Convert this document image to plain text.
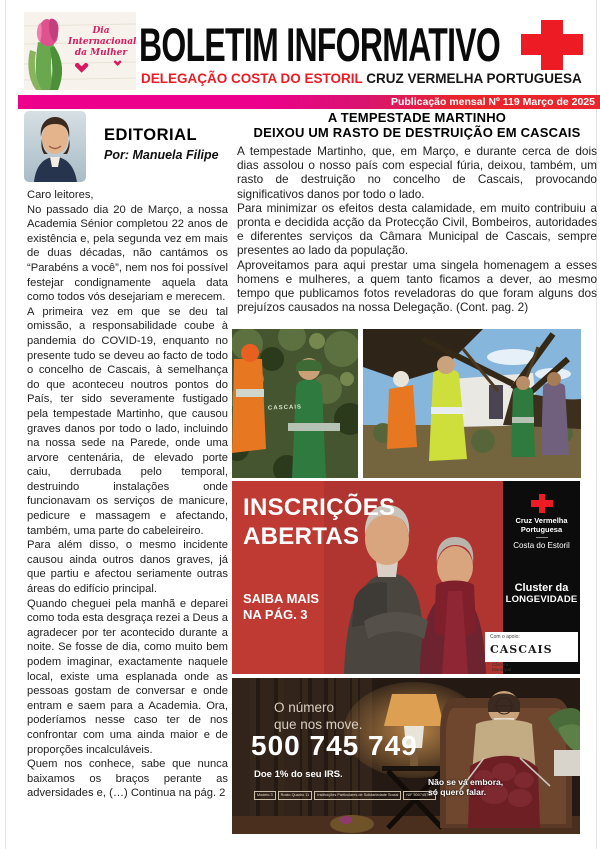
Dia
Internacional
da Mulher BOLETIM INFORMATIVO
DELEGAÇÃO COSTA DO ESTORIL CRUZ VERMELHA PORTUGUESA
Publicação mensal Nº 119 Março de 2025
EDITORIAL
Por: Manuela Filipe

Caro leitores,

No passado dia 20 de Março, a nossa Academia Sénior completou 22 anos de existência e, pela segunda vez em mais de duas décadas, não cantámos os “Parabéns a você”, nem nos foi possível festejar condignamente aquela data como todos vós desejariam e merecem.

A primeira vez em que se deu tal omissão, a responsabilidade coube à pandemia do COVID-19, enquanto no presente tudo se deveu ao facto de todo o concelho de Cascais, à semelhança do que aconteceu noutros pontos do País, ter sido severamente fustigado pela tempestade Martinho, que causou graves danos por todo o lado, incluindo na nossa sede na Parede, onde uma arvore centenária, de elevado porte caiu, derrubada pelo temporal, destruindo instalações onde funcionavam os serviços de manicure, pedicure e massagem e afectando, também, uma parte do cabeleireiro.

Para além disso, o mesmo incidente causou ainda outros danos graves, já que partiu e afectou seriamente outras áreas do edifício principal.

Quando cheguei pela manhã e deparei como toda esta desgraça rezei a Deus a agradecer por ter acontecido durante a noite. Se fosse de dia, como muito bem podem imaginar, exactamente naquele local, existe uma esplanada onde as pessoas gostam de conversar e onde entram e saem para a Academia. Ora, poderíamos nesse caso ter de nos confrontar com uma ainda maior e de proporções incalculáveis.

Quem nos conhece, sabe que nunca baixamos os braços perante as adversidades e, (…) Continua na pág. 2

A TEMPESTADE MARTINHO
DEIXOU UM RASTO DE DESTRUIÇÃO EM CASCAIS

A tempestade Martinho, que, em Março, e durante cerca de dois dias assolou o nosso país com especial fúria, deixou, também, um rasto de destruição no concelho de Cascais, provocando significativos danos por todo o lado.

Para minimizar os efeitos desta calamidade, em muito contribuiu a pronta e decidida acção da Protecção Civil, Bombeiros, autoridades e diferentes serviços da Câmara Municipal de Cascais, sempre presentes ao lado da população.

Aproveitamos para aqui prestar uma singela homenagem a esses homens e mulheres, a quem tanto ficamos a dever, ao mesmo tempo que publicamos fotos reveladoras do que foram alguns dos prejuízos causados na nossa Delegação. (Cont. pag. 2)

CASCAIS
INSCRIÇÕES
ABERTAS
SAIBA MAIS
NA PÁG. 3
Cruz Vermelha
Portuguesa
Costa do Estoril
Cluster da
LONGEVIDADE
Com o apoio:
CASCAIS Câmara
Municipal
O número
que nos move.
500 745 749
Doe 1% do seu IRS.
Modelo 3	Rosto Quadro 11	Instituições Particulares de Solidariedade Social	NIF 500745749
Não se vá embora,
só quero falar.
